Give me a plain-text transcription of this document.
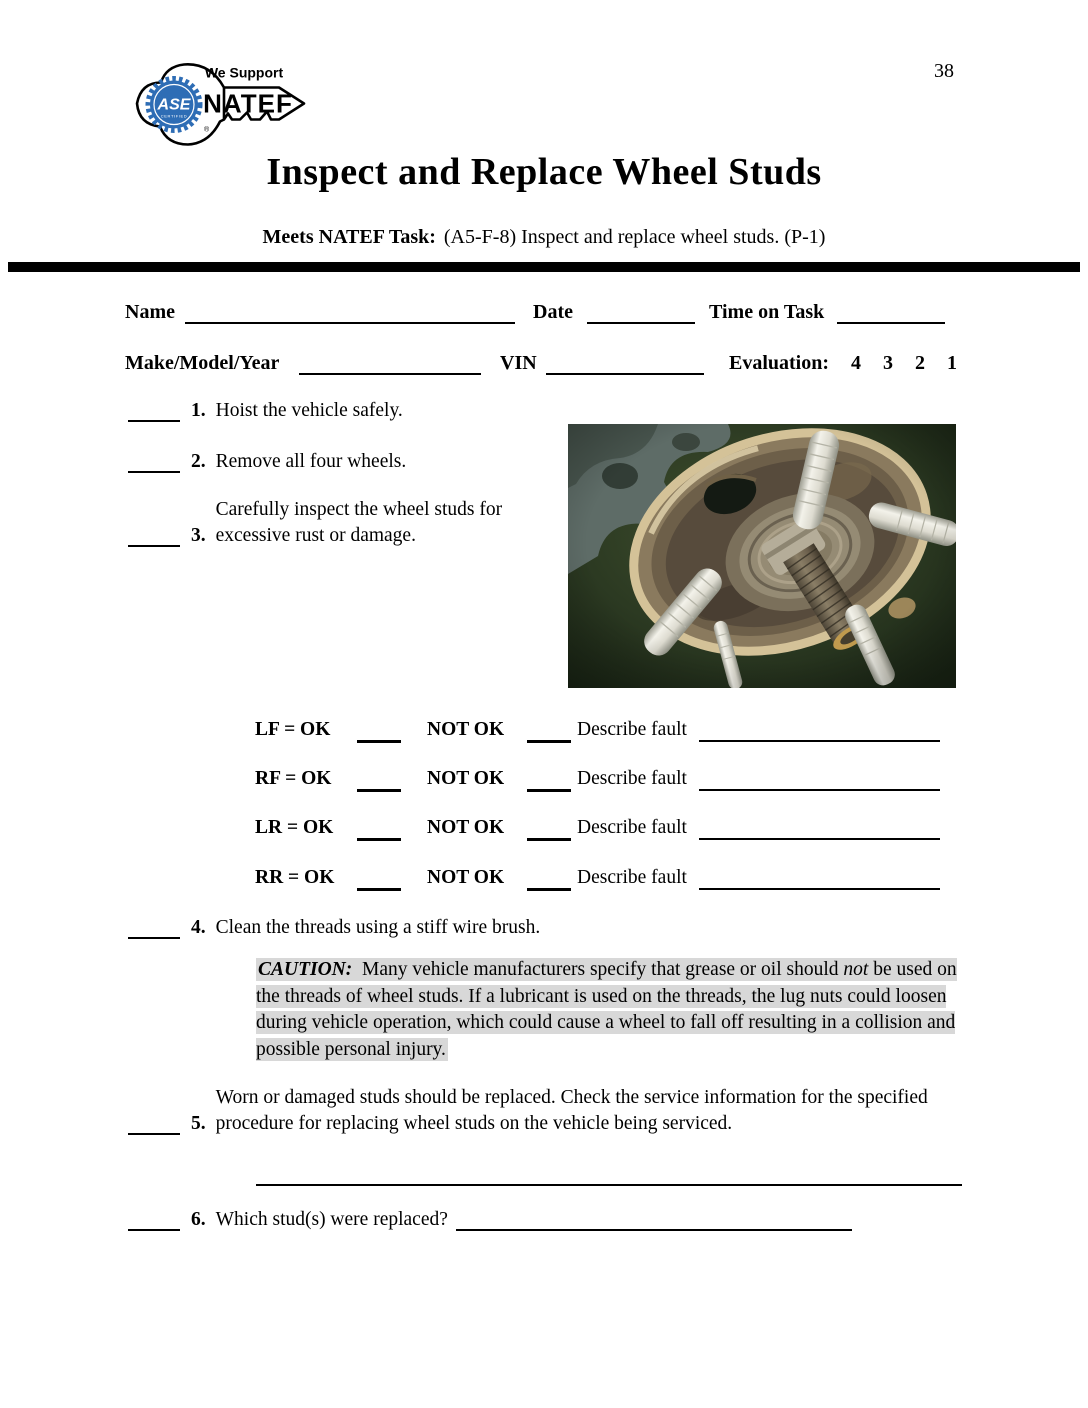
38
ASE
CERTIFIED
®
We Support
NATEF
Inspect and Replace Wheel Studs
Meets NATEF Task: (A5-F-8) Inspect and replace wheel studs. (P-1)
Name	Date	Time on Task
Make/Model/Year	VIN	Evaluation: 4 3 2 1
1. Hoist the vehicle safely.
2. Remove all four wheels.
3.
Carefully inspect the wheel studs for excessive rust or damage.
LF = OK	NOT OK	Describe fault
RF = OK	NOT OK	Describe fault
LR = OK	NOT OK	Describe fault
RR = OK	NOT OK	Describe fault
4. Clean the threads using a stiff wire brush.
CAUTION: Many vehicle manufacturers specify that grease or oil should not be used on the threads of wheel studs. If a lubricant is used on the threads, the lug nuts could loosen during vehicle operation, which could cause a wheel to fall off resulting in a collision and possible personal injury.
5.
Worn or damaged studs should be replaced. Check the service information for the specified procedure for replacing wheel studs on the vehicle being serviced.
6. Which stud(s) were replaced?
